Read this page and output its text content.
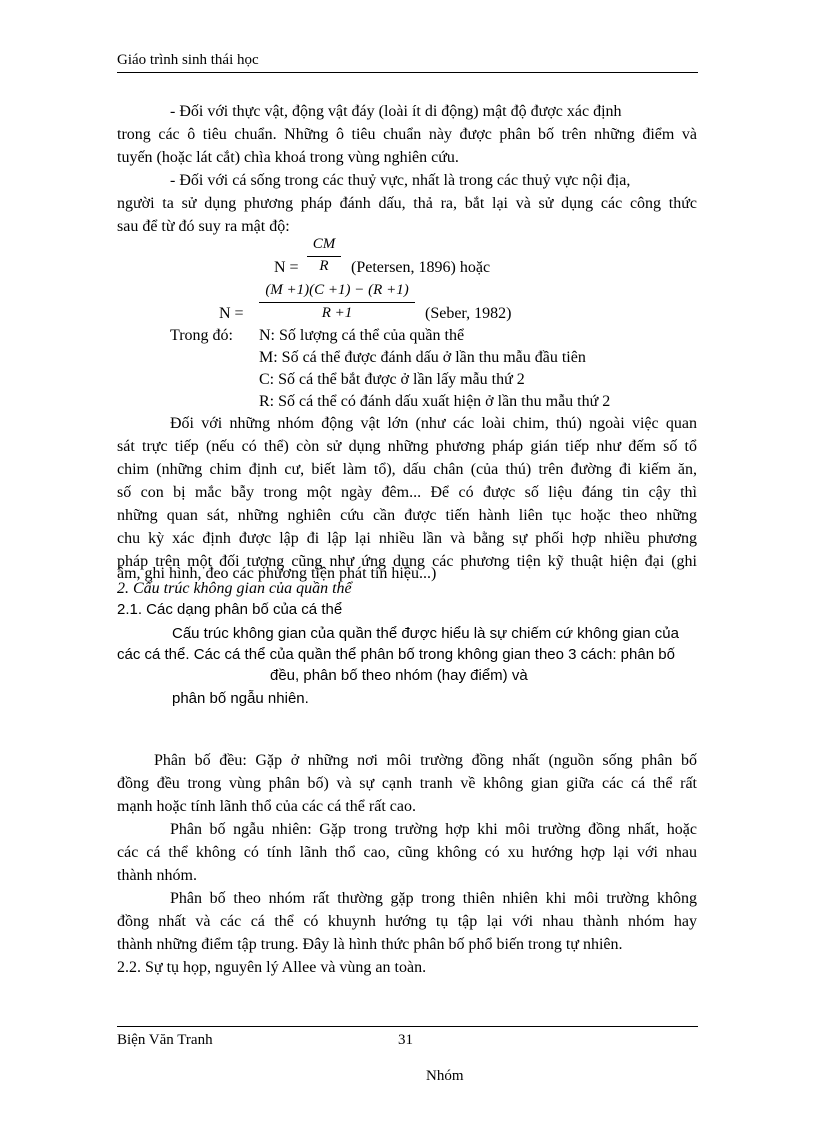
Giáo trình sinh thái học
- Đối với thực vật, động vật đáy (loài ít di động) mật độ được xác định
trong các ô tiêu chuẩn. Những ô tiêu chuẩn này được phân bố trên những điểm và
tuyến (hoặc lát cắt) chìa khoá trong vùng nghiên cứu.
- Đối với cá sống trong các thuỷ vực, nhất là trong các thuỷ vực nội địa,
người ta sử dụng phương pháp đánh dấu, thả ra, bắt lại và sử dụng các công thức
sau để từ đó suy ra mật độ:
N =
CM
R	(Petersen, 1896) hoặc
N =
(M +1)(C +1) − (R +1)
R +1	(Seber, 1982)
Trong đó: N: Số lượng cá thể của quần thể
M: Số cá thể được đánh dấu ở lần thu mẫu đầu tiên
C: Số cá thể bắt được ở lần lấy mẫu thứ 2
R: Số cá thể có đánh dấu xuất hiện ở lần thu mẫu thứ 2
Đối với những nhóm động vật lớn (như các loài chim, thú) ngoài việc quan
sát trực tiếp (nếu có thể) còn sử dụng những phương pháp gián tiếp như đếm số tổ
chim (những chim định cư, biết làm tổ), dấu chân (của thú) trên đường đi kiếm ăn,
số con bị mắc bẫy trong một ngày đêm... Để có được số liệu đáng tin cậy thì
những quan sát, những nghiên cứu cần được tiến hành liên tục hoặc theo những
chu kỳ xác định được lập đi lập lại nhiều lần và bằng sự phối hợp nhiều phương
pháp trên một đối tượng cũng như ứng dụng các phương tiện kỹ thuật hiện đại (ghi
âm, ghi hình, đeo các phương tiện phát tín hiệu...)
2. Cấu trúc không gian của quần thể
2.1. Các dạng phân bố của cá thể
Cấu trúc không gian của quần thể được hiểu là sự chiếm cứ không gian của
các cá thể. Các cá thể của quần thể phân bố trong không gian theo 3 cách: phân bố
đều, phân bố theo nhóm (hay điểm) và
phân bố ngẫu nhiên.
Phân bố đều: Gặp ở những nơi môi trường đồng nhất (nguồn sống phân bố
đồng đều trong vùng phân bố) và sự cạnh tranh về không gian giữa các cá thể rất
mạnh hoặc tính lãnh thổ của các cá thể rất cao.
Phân bố ngẫu nhiên: Gặp trong trường hợp khi môi trường đồng nhất, hoặc
các cá thể không có tính lãnh thổ cao, cũng không có xu hướng hợp lại với nhau
thành nhóm.
Phân bố theo nhóm rất thường gặp trong thiên nhiên khi môi trường không
đồng nhất và các cá thể có khuynh hướng tụ tập lại với nhau thành nhóm hay
thành những điểm tập trung. Đây là hình thức phân bố phổ biến trong tự nhiên.
2.2. Sự tụ họp, nguyên lý Allee và vùng an toàn.
Biện Văn Tranh	31
Nhóm
